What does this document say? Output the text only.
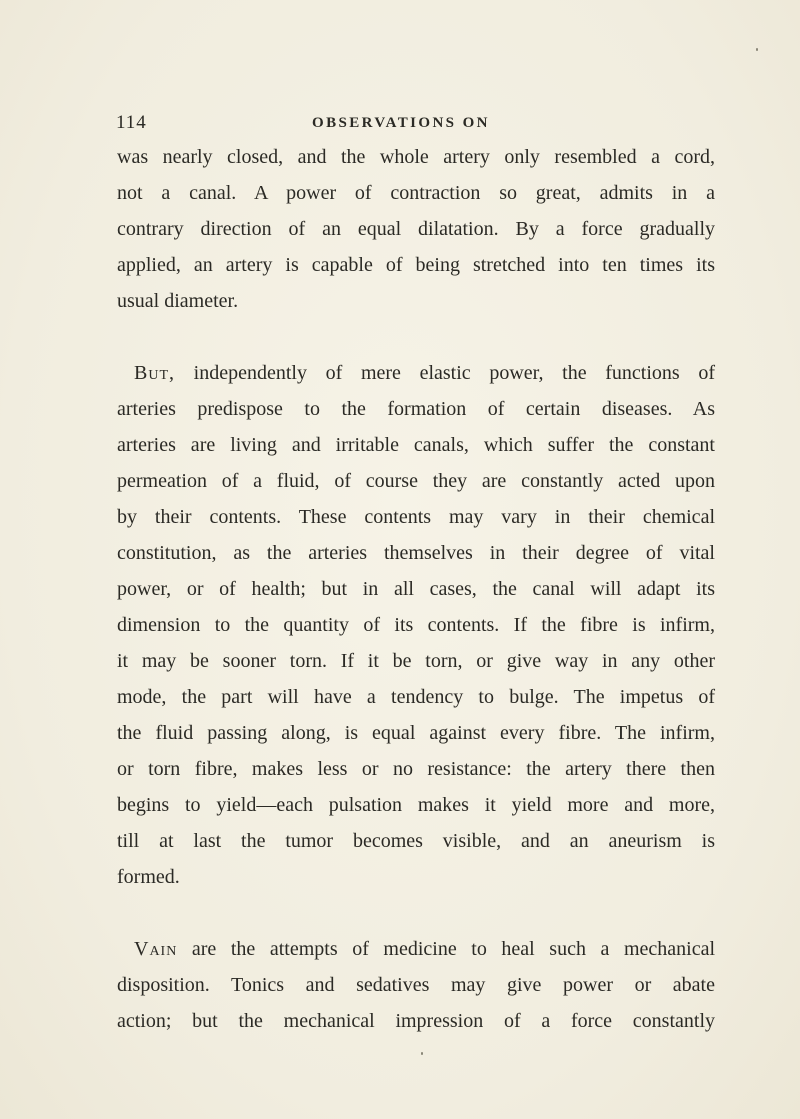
114	OBSERVATIONS ON
was nearly closed, and the whole artery only resembled a cord,
not a canal. A power of contraction so great, admits in a
contrary direction of an equal dilatation. By a force gradually
applied, an artery is capable of being stretched into ten times its
usual diameter.
But, independently of mere elastic power, the functions of
arteries predispose to the formation of certain diseases. As
arteries are living and irritable canals, which suffer the constant
permeation of a fluid, of course they are constantly acted upon
by their contents. These contents may vary in their chemical
constitution, as the arteries themselves in their degree of vital
power, or of health; but in all cases, the canal will adapt its
dimension to the quantity of its contents. If the fibre is infirm,
it may be sooner torn. If it be torn, or give way in any other
mode, the part will have a tendency to bulge. The impetus of
the fluid passing along, is equal against every fibre. The infirm,
or torn fibre, makes less or no resistance: the artery there then
begins to yield—each pulsation makes it yield more and more,
till at last the tumor becomes visible, and an aneurism is
formed.
Vain are the attempts of medicine to heal such a mechanical
disposition. Tonics and sedatives may give power or abate
action; but the mechanical impression of a force constantly
